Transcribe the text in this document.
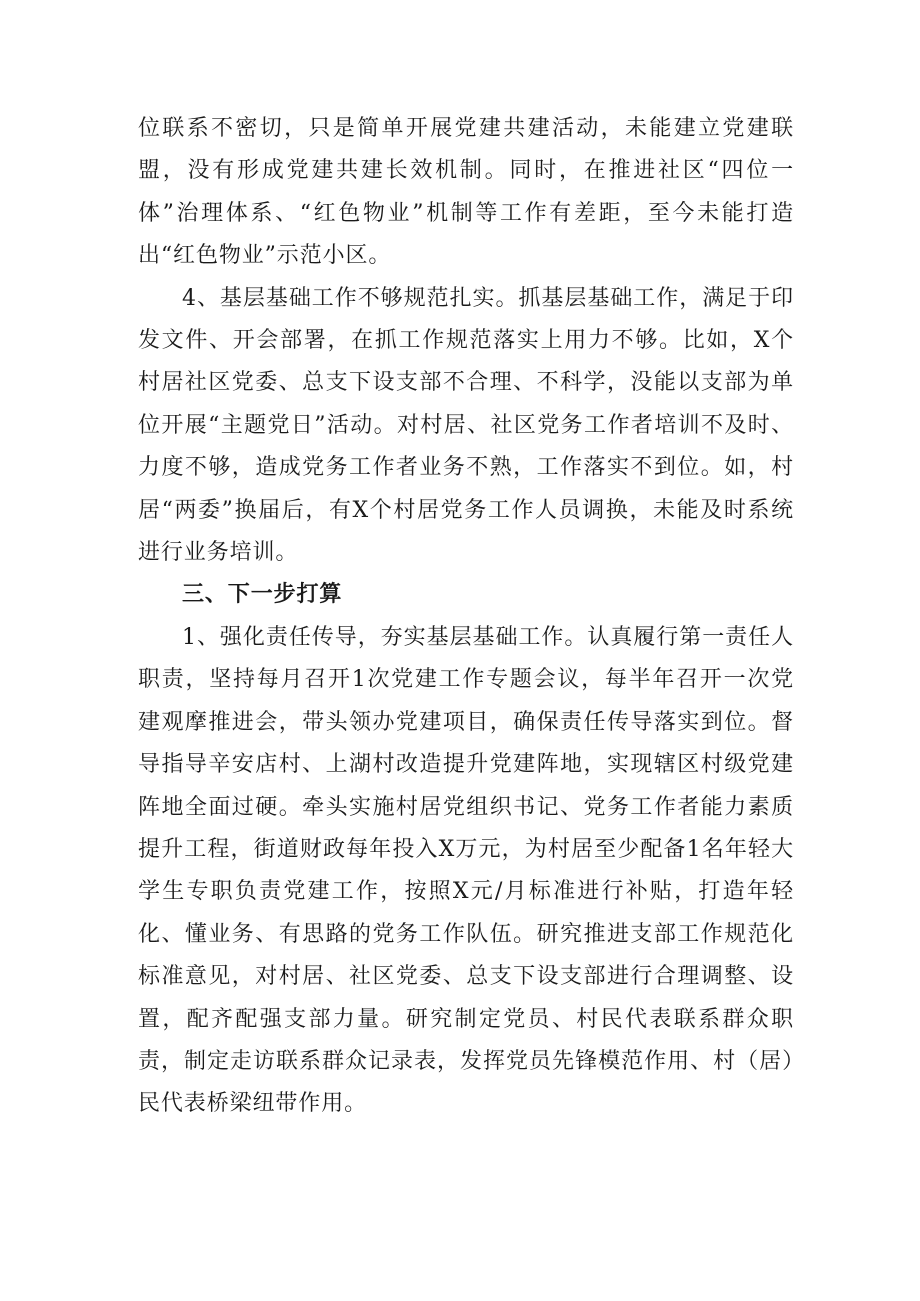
位联系不密切，只是简单开展党建共建活动，未能建立党建联盟，没有形成党建共建长效机制。同时，在推进社区“四位一体”治理体系、“红色物业”机制等工作有差距，至今未能打造出“红色物业”示范小区。

4、基层基础工作不够规范扎实。抓基层基础工作，满足于印发文件、开会部署，在抓工作规范落实上用力不够。比如，X个村居社区党委、总支下设支部不合理、不科学，没能以支部为单位开展“主题党日”活动。对村居、社区党务工作者培训不及时、力度不够，造成党务工作者业务不熟，工作落实不到位。如，村居“两委”换届后，有X个村居党务工作人员调换，未能及时系统进行业务培训。

三、下一步打算

1、强化责任传导，夯实基层基础工作。认真履行第一责任人职责，坚持每月召开1次党建工作专题会议，每半年召开一次党建观摩推进会，带头领办党建项目，确保责任传导落实到位。督导指导辛安店村、上湖村改造提升党建阵地，实现辖区村级党建阵地全面过硬。牵头实施村居党组织书记、党务工作者能力素质提升工程，街道财政每年投入X万元，为村居至少配备1名年轻大学生专职负责党建工作，按照X元/月标准进行补贴，打造年轻化、懂业务、有思路的党务工作队伍。研究推进支部工作规范化标准意见，对村居、社区党委、总支下设支部进行合理调整、设置，配齐配强支部力量。研究制定党员、村民代表联系群众职责，制定走访联系群众记录表，发挥党员先锋模范作用、村（居）民代表桥梁纽带作用。
